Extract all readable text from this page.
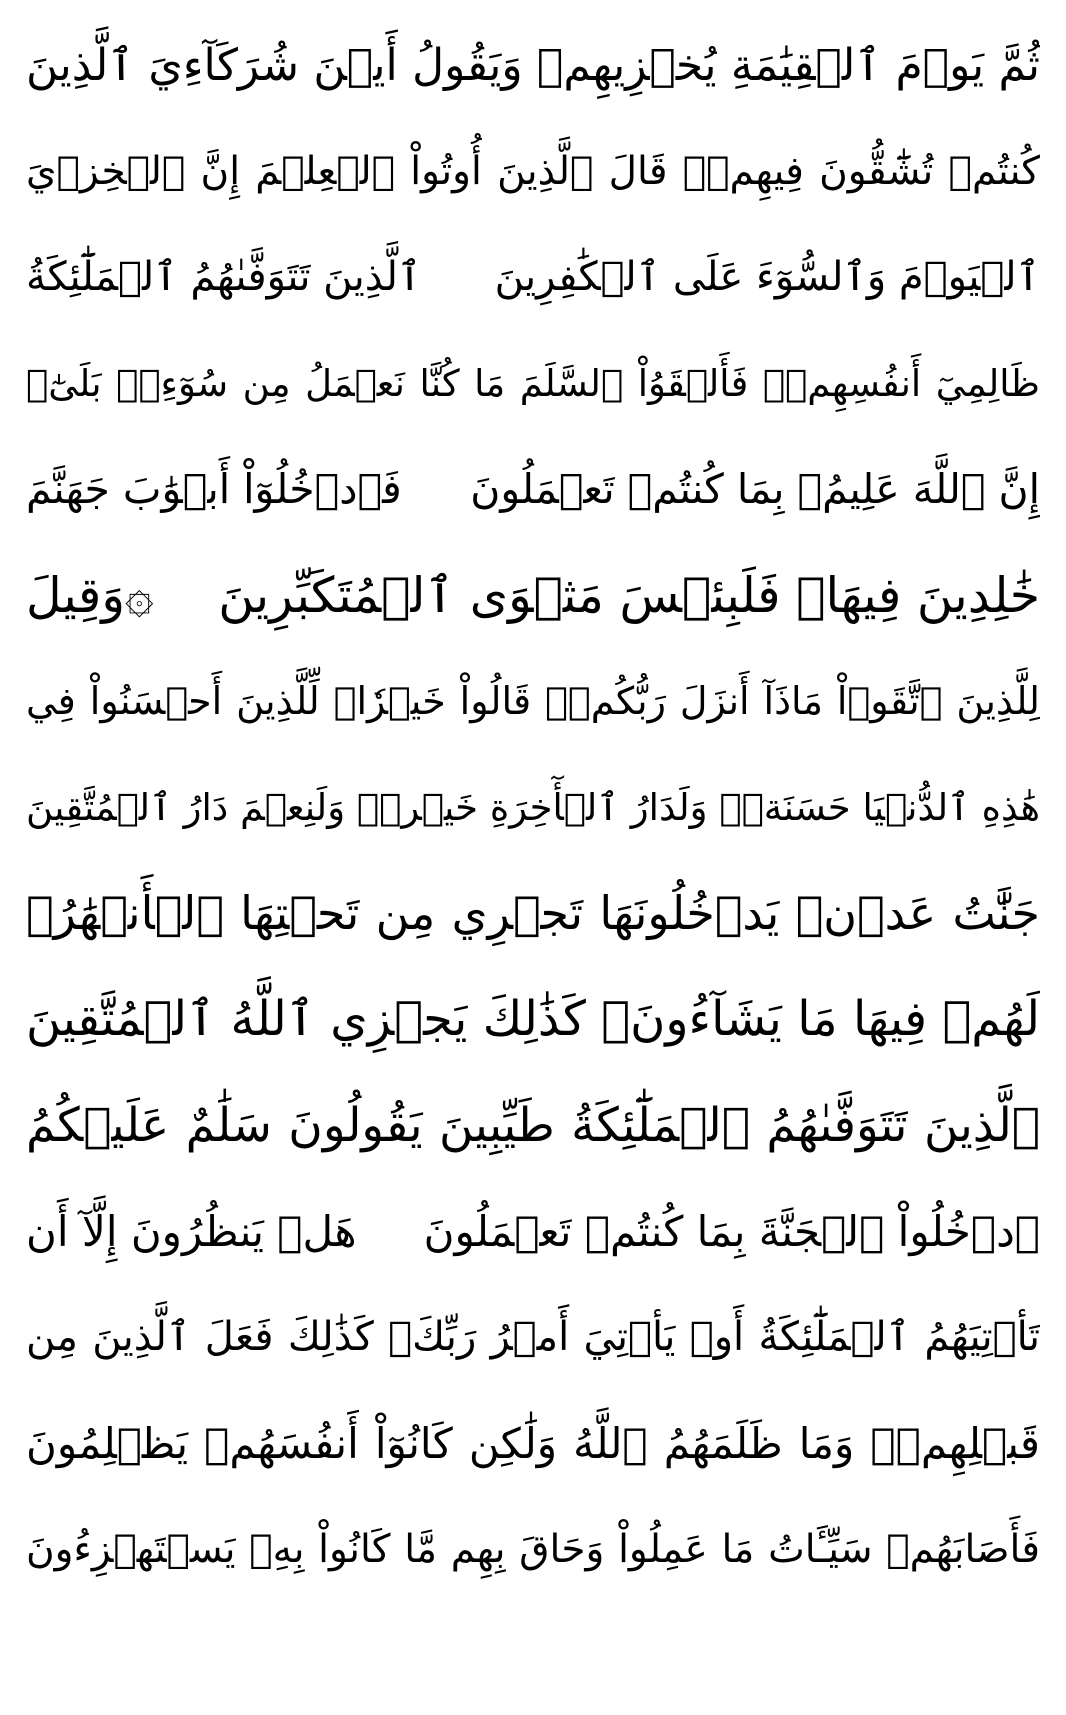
ثُمَّ يَوۡمَ ٱلۡقِيَٰمَةِ يُخۡزِيهِمۡ وَيَقُولُ أَيۡنَ شُرَكَآءِيَ ٱلَّذِينَ
كُنتُمۡ تُشَٰٓقُّونَ فِيهِمۡۚ قَالَ ٱلَّذِينَ أُوتُواْ ٱلۡعِلۡمَ إِنَّ ٱلۡخِزۡيَ
ٱلۡيَوۡمَ وَٱلسُّوٓءَ عَلَى ٱلۡكَٰفِرِينَ
ٱلَّذِينَ تَتَوَفَّىٰهُمُ ٱلۡمَلَٰٓئِكَةُ
ظَالِمِيٓ أَنفُسِهِمۡۖ فَأَلۡقَوُاْ ٱلسَّلَمَ مَا كُنَّا نَعۡمَلُ مِن سُوٓءِۭۚ بَلَىٰٓۚ
إِنَّ ٱللَّهَ عَلِيمُۢ بِمَا كُنتُمۡ تَعۡمَلُونَ
فَٱدۡخُلُوٓاْ أَبۡوَٰبَ جَهَنَّمَ
خَٰلِدِينَ فِيهَاۖ فَلَبِئۡسَ مَثۡوَى ٱلۡمُتَكَبِّرِينَ
۞وَقِيلَ
لِلَّذِينَ ٱتَّقَوۡاْ مَاذَآ أَنزَلَ رَبُّكُمۡۚ قَالُواْ خَيۡرٗاۗ لِّلَّذِينَ أَحۡسَنُواْ فِي
هَٰذِهِ ٱلدُّنۡيَا حَسَنَةٞۚ وَلَدَارُ ٱلۡأٓخِرَةِ خَيۡرٞۚ وَلَنِعۡمَ دَارُ ٱلۡمُتَّقِينَ
جَنَّٰتُ عَدۡنٖ يَدۡخُلُونَهَا تَجۡرِي مِن تَحۡتِهَا ٱلۡأَنۡهَٰرُۖ
لَهُمۡ فِيهَا مَا يَشَآءُونَۚ كَذَٰلِكَ يَجۡزِي ٱللَّهُ ٱلۡمُتَّقِينَ
ٱلَّذِينَ تَتَوَفَّىٰهُمُ ٱلۡمَلَٰٓئِكَةُ طَيِّبِينَ يَقُولُونَ سَلَٰمٌ عَلَيۡكُمُ
ٱدۡخُلُواْ ٱلۡجَنَّةَ بِمَا كُنتُمۡ تَعۡمَلُونَ
هَلۡ يَنظُرُونَ إِلَّآ أَن
تَأۡتِيَهُمُ ٱلۡمَلَٰٓئِكَةُ أَوۡ يَأۡتِيَ أَمۡرُ رَبِّكَۚ كَذَٰلِكَ فَعَلَ ٱلَّذِينَ مِن
قَبۡلِهِمۡۚ وَمَا ظَلَمَهُمُ ٱللَّهُ وَلَٰكِن كَانُوٓاْ أَنفُسَهُمۡ يَظۡلِمُونَ
فَأَصَابَهُمۡ سَيِّـَٔاتُ مَا عَمِلُواْ وَحَاقَ بِهِم مَّا كَانُواْ بِهِۦ يَسۡتَهۡزِءُونَ
